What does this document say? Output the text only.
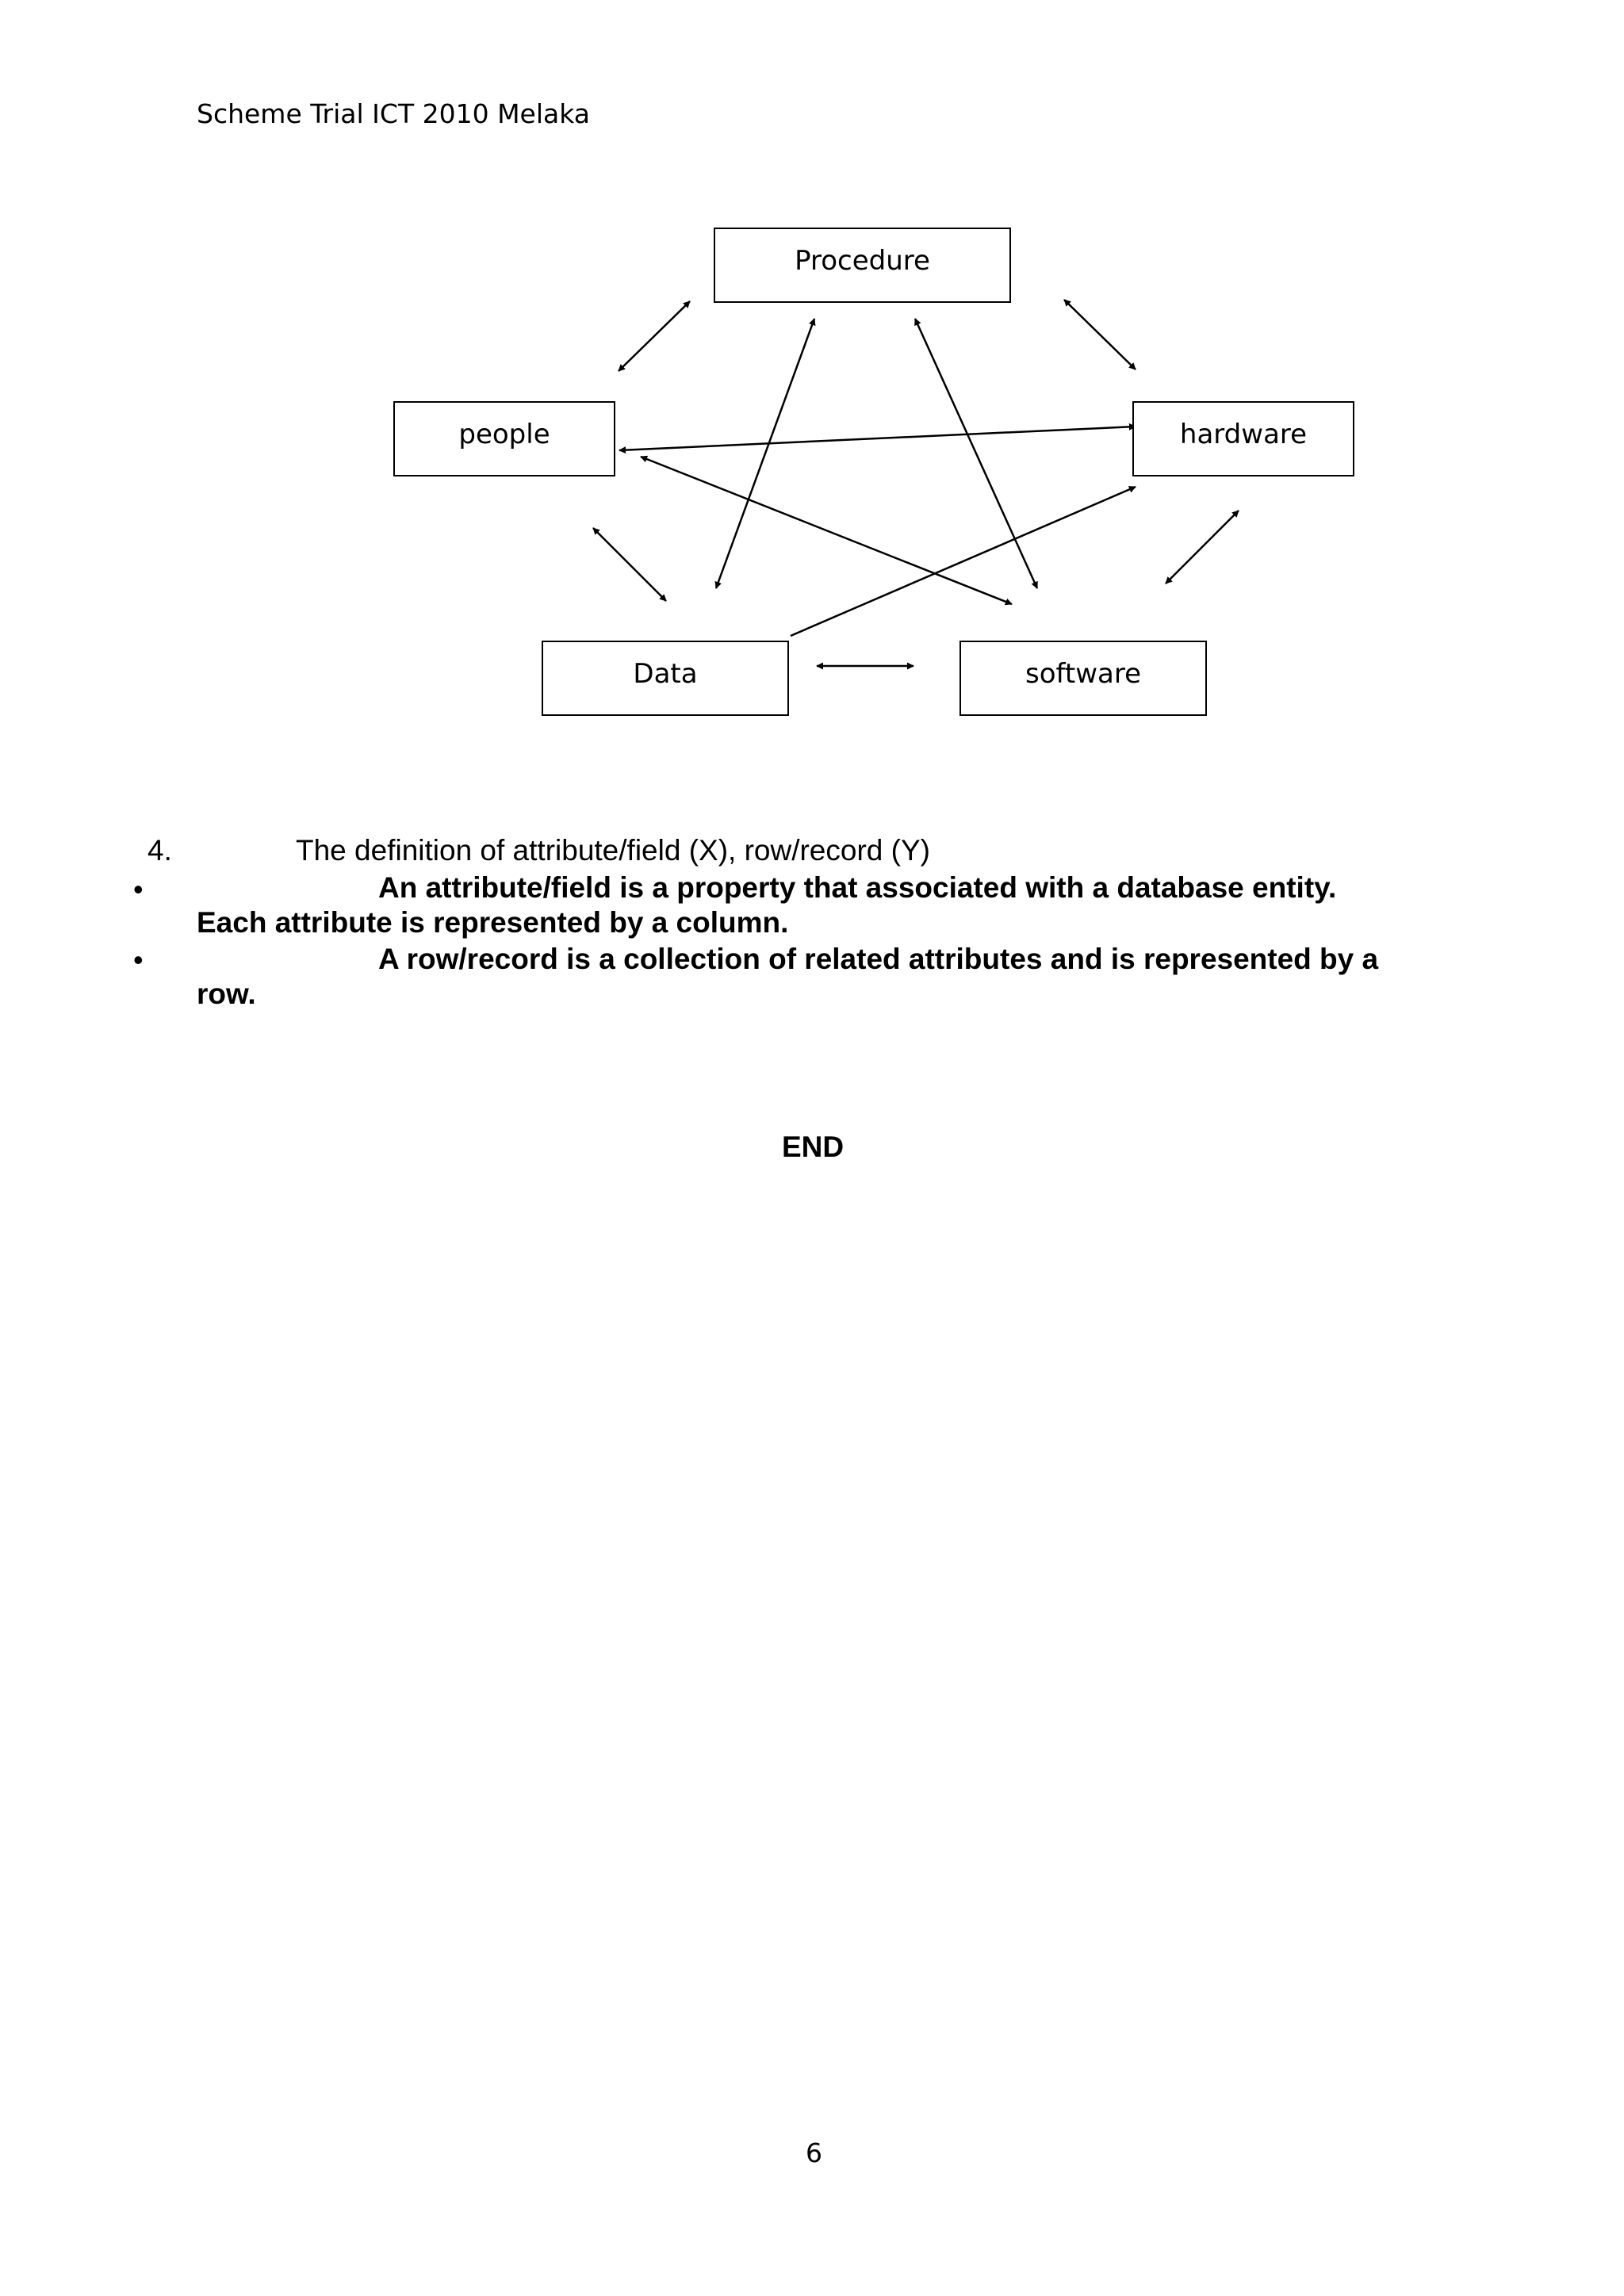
Scheme Trial ICT 2010 Melaka
Procedure
people	hardware
Data	software
4.	The definition of attribute/field (X), row/record (Y)
•	An attribute/field is a property that associated with a database entity.
Each attribute is represented by a column.
•	A row/record is a collection of related attributes and is represented by a
row.
END
6
